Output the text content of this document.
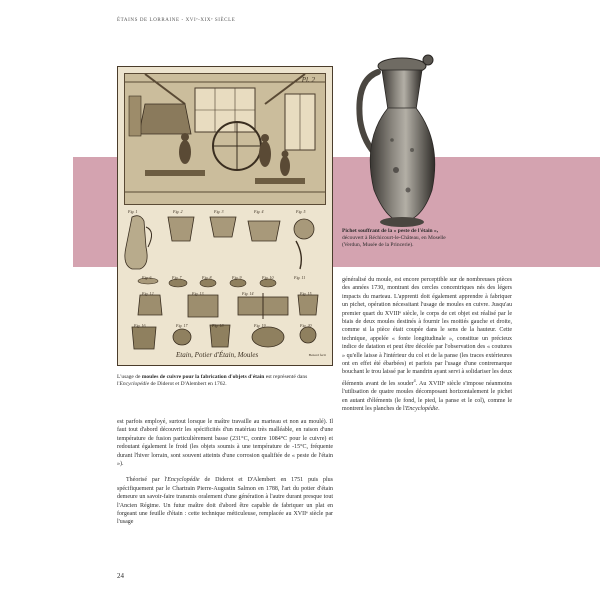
ÉTAINS DE LORRAINE - XVIᵉ-XIXᵉ SIÈCLE
Pl. 2
Fig. 1	Fig. 2	Fig. 3	Fig. 4	Fig. 5
Fig. 6	Fig. 7	Fig. 8	Fig. 9	Fig. 10	Fig. 11
Fig. 12	Fig. 13	Fig. 14	Fig. 15
Fig. 16	Fig. 17	Fig. 18	Fig. 19	Fig. 20
Etain, Potier d'Étain, Moules	Benard fecit
Pichet souffrant de la « peste de l'étain »,
découvert à Réchicourt-le-Château, en Moselle
(Verdun, Musée de la Princerie).
L'usage de moules de cuivre pour la fabrication d'objets d'étain est représenté dans l'Encyclopédie de Diderot et D'Alembert en 1762.

est parfois employé, surtout lorsque le maître travaille au marteau et non au moulé). Il faut tout d'abord découvrir les spécificités d'un matériau très malléable, en raison d'une température de fusion particulièrement basse (231°C, contre 1084°C pour le cuivre) et redoutant également le froid (les objets soumis à une température de -15°C, fréquente durant l'hiver lorrain, sont souvent atteints d'une corrosion qualifiée de « peste de l'étain »).

Théorisé par l'Encyclopédie de Diderot et D'Alembert en 1751 puis plus spécifiquement par le Chartrain Pierre-Augustin Salmon en 1788, l'art du potier d'étain demeure un savoir-faire transmis oralement d'une génération à l'autre durant presque tout l'Ancien Régime. Un futur maître doit d'abord être capable de fabriquer un plat en forgeant une feuille d'étain : cette technique méticuleuse, remplacée au XVIIᵉ siècle par l'usage

généralisé du moule, est encore perceptible sur de nombreuses pièces des années 1730, montrant des cercles concentriques nés des légers impacts du marteau. L'apprenti doit également apprendre à fabriquer un pichet, opération nécessitant l'usage de moules en cuivre. Jusqu'au premier quart du XVIIIᵉ siècle, le corps de cet objet est réalisé par le biais de deux moules destinés à fournir les moitiés gauche et droite, comme si la pièce était coupée dans le sens de la hauteur. Cette technique, appelée « fonte longitudinale », constitue un précieux indice de datation et peut être décelée par l'observation des « coutures » qu'elle laisse à l'intérieur du col et de la panse (les traces extérieures ont en effet été ébarbées) et parfois par l'usage d'une contremarque bouchant le trou laissé par le mandrin ayant servi à solidariser les deux éléments avant de les souder$^4$. Au XVIIIᵉ siècle s'impose néanmoins l'utilisation de quatre moules décomposant horizontalement le pichet en autant d'éléments (le fond, le pied, la panse et le col), comme le montrent les planches de l'Encyclopédie.

24
